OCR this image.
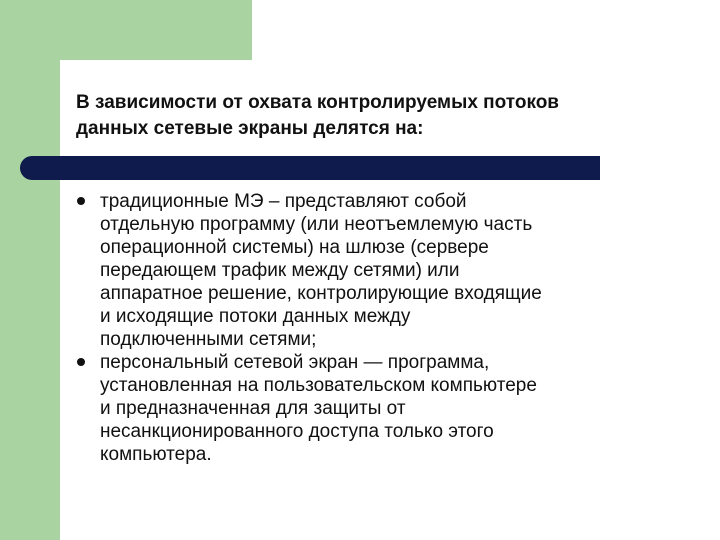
В зависимости от охвата контролируемых потоков данных сетевые экраны делятся на:
традиционные МЭ – представляют собой
отдельную программу (или неотъемлемую часть
операционной системы) на шлюзе (сервере
передающем трафик между сетями) или
аппаратное решение, контролирующие входящие
и исходящие потоки данных между
подключенными сетями;
персональный сетевой экран — программа,
установленная на пользовательском компьютере
и предназначенная для защиты от
несанкционированного доступа только этого
компьютера.
